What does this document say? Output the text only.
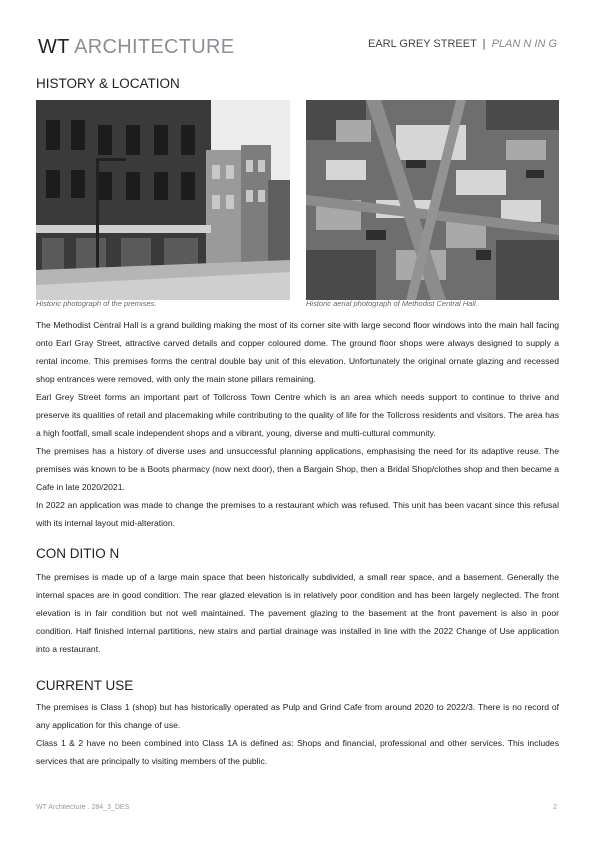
WT ARCHITECTURE	EARL GREY STREET | PLAN N IN G
HISTORY & LOCATION
Historic photograph of the premises.	Historic aerial photograph of Methodist Central Hall.

The Methodist Central Hall is a grand building making the most of its corner site with large second floor windows into the main hall facing onto Earl Gray Street, attractive carved details and copper coloured dome. The ground floor shops were always designed to supply a rental income. This premises forms the central double bay unit of this elevation. Unfortunately the original ornate glazing and recessed shop entrances were removed, with only the main stone pillars remaining.

Earl Grey Street forms an important part of Tollcross Town Centre which is an area which needs support to continue to thrive and preserve its qualities of retail and placemaking while contributing to the quality of life for the Tollcross residents and visitors. The area has a high footfall, small scale independent shops and a vibrant, young, diverse and multi-cultural community.

The premises has a history of diverse uses and unsuccessful planning applications, emphasising the need for its adaptive reuse. The premises was known to be a Boots pharmacy (now next door), then a Bargain Shop, then a Bridal Shop/clothes shop and then became a Cafe in late 2020/2021.

In 2022 an application was made to change the premises to a restaurant which was refused. This unit has been vacant since this refusal with its internal layout mid-alteration.

CON DITIO N

The premises is made up of a large main space that been historically subdivided, a small rear space, and a basement. Generally the internal spaces are in good condition. The rear glazed elevation is in relatively poor condition and has been largely neglected. The front elevation is in fair condition but not well maintained. The pavement glazing to the basement at the front pavement is also in poor condition. Half finished internal partitions, new stairs and partial drainage was installed in line with the 2022 Change of Use application into a restaurant.

CURRENT USE

The premises is Class 1 (shop) but has historically operated as Pulp and Grind Cafe from around 2020 to 2022/3. There is no record of any application for this change of use.

Class 1 & 2 have no been combined into Class 1A is defined as: Shops and financial, professional and other services. This includes services that are principally to visiting members of the public.

WT Architecture . 284_3_DES	2
